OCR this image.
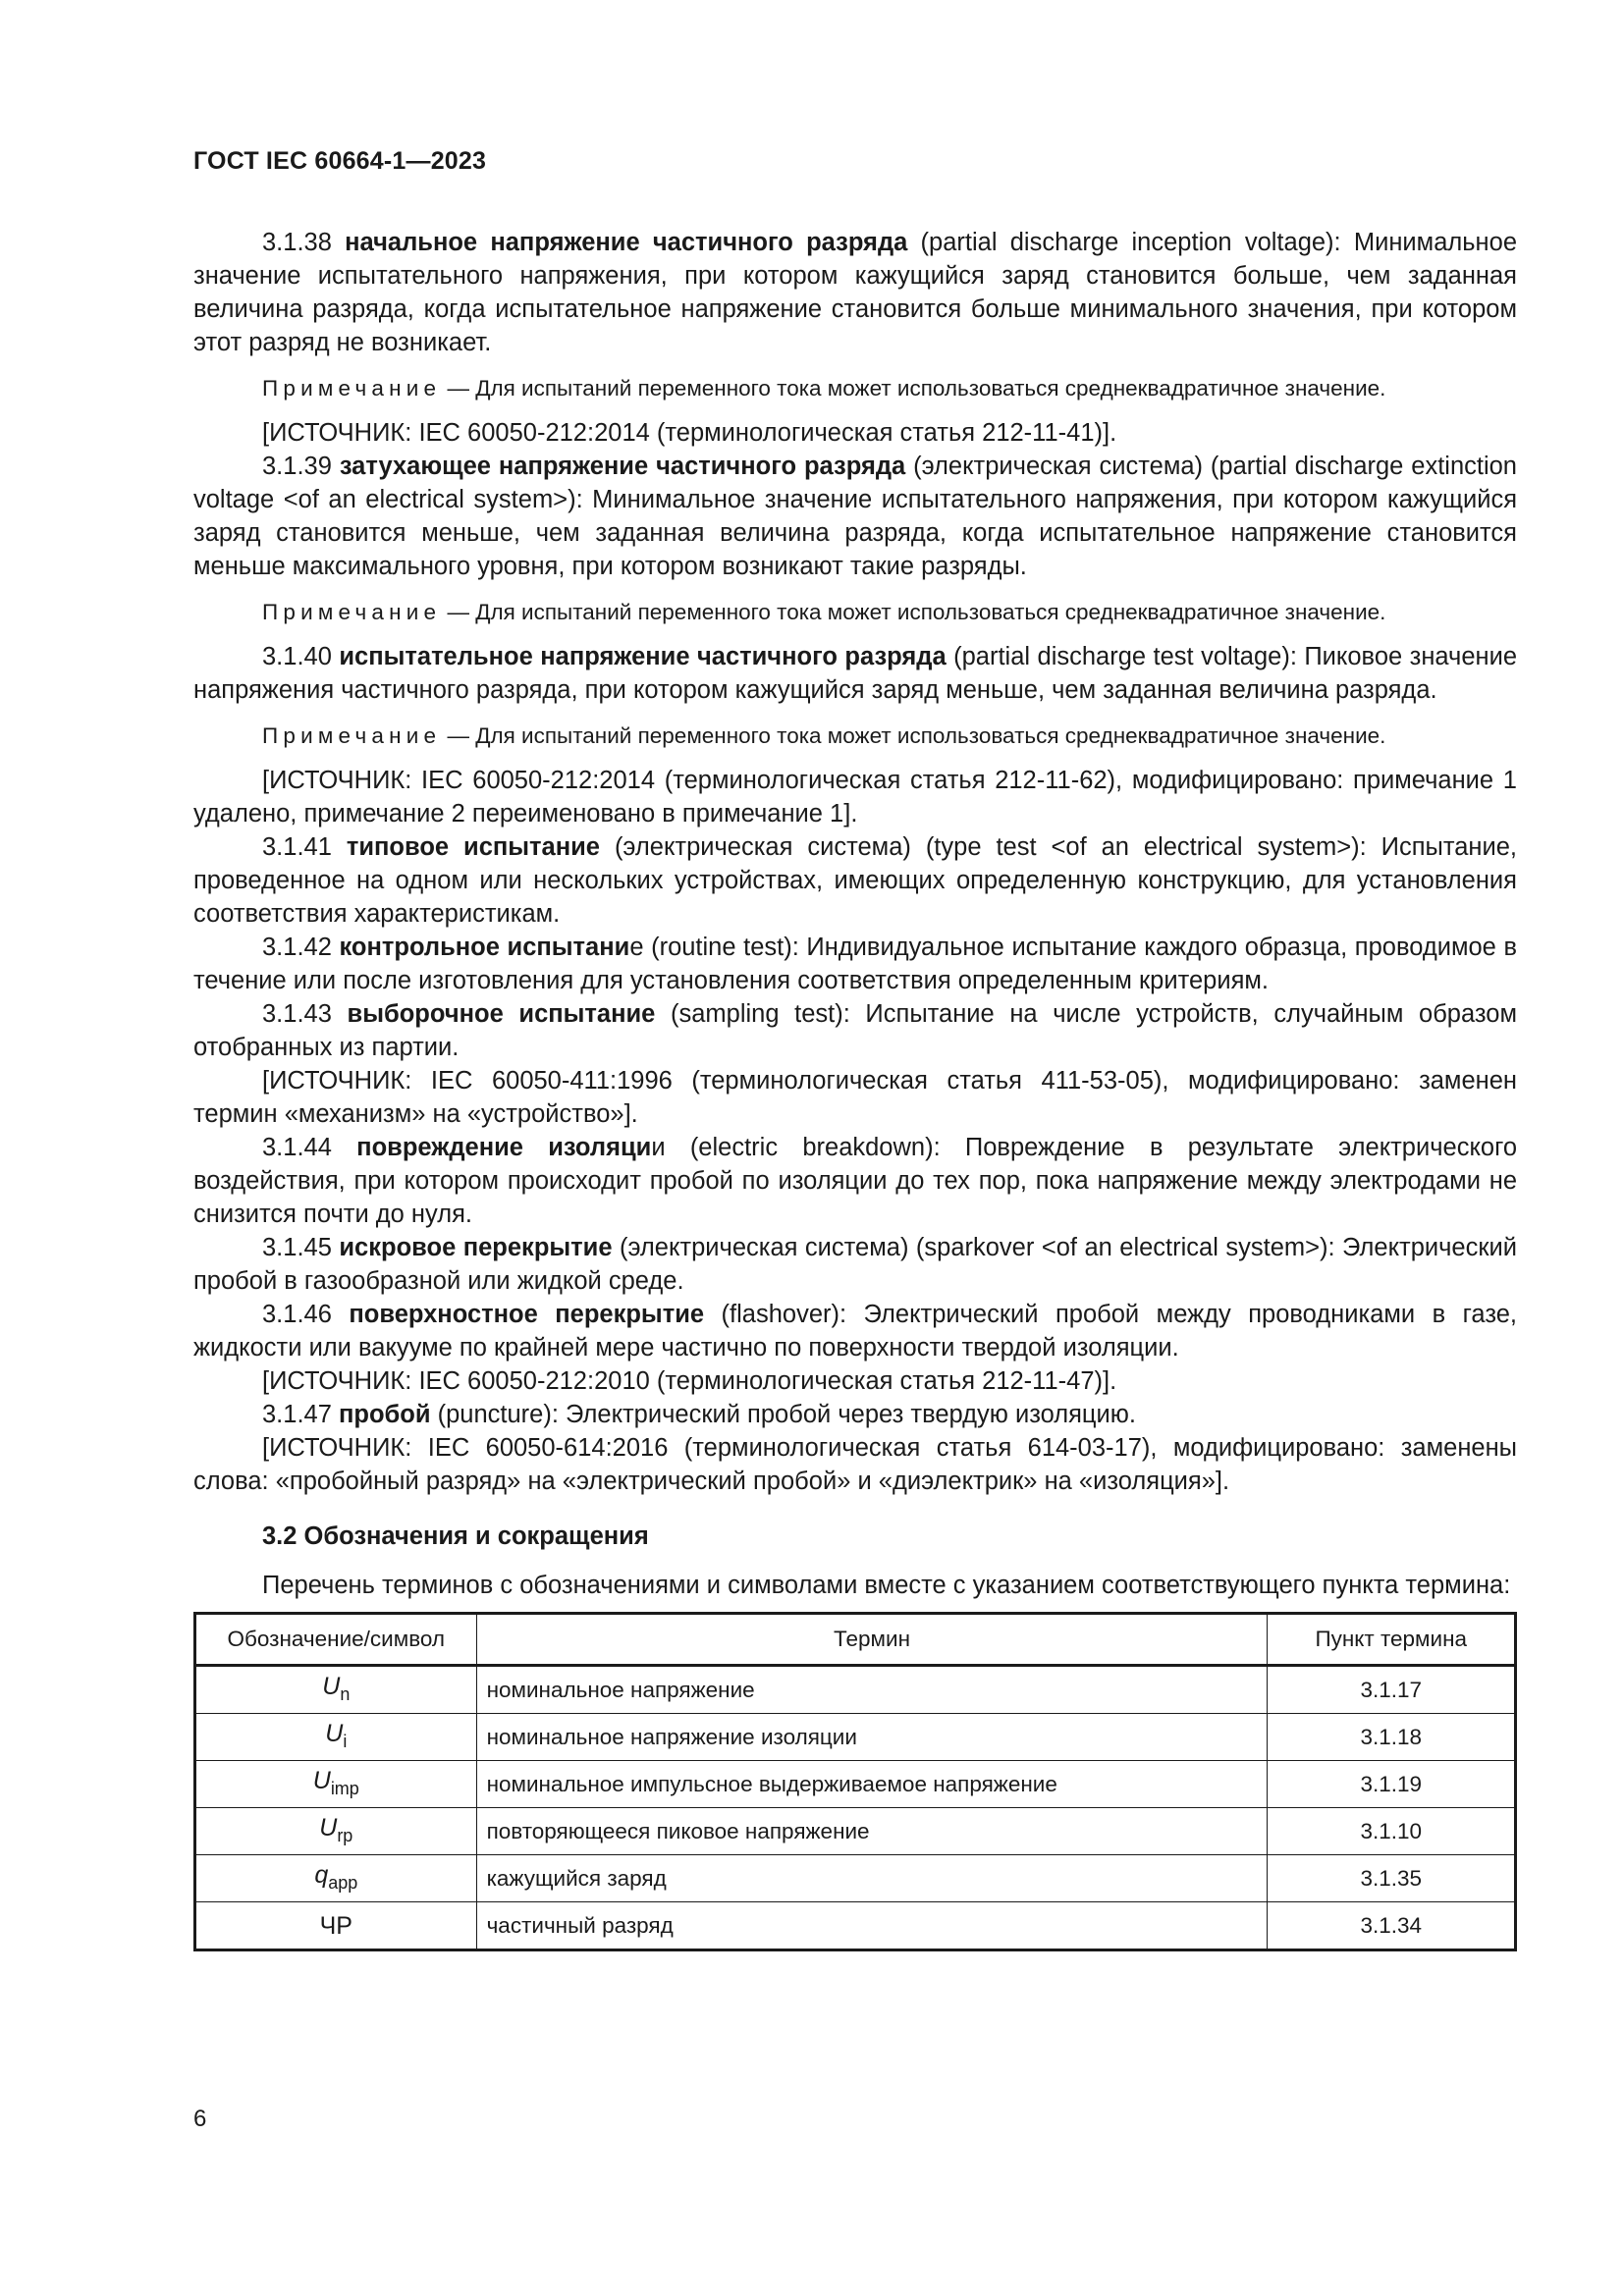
ГОСТ IEC 60664-1—2023

3.1.38 начальное напряжение частичного разряда (partial discharge inception voltage): Минимальное значение испытательного напряжения, при котором кажущийся заряд становится больше, чем заданная величина разряда, когда испытательное напряжение становится больше минимального значения, при котором этот разряд не возникает.

Примечание — Для испытаний переменного тока может использоваться среднеквадратичное значение.

[ИСТОЧНИК: IEC 60050-212:2014 (терминологическая статья 212-11-41)].

3.1.39 затухающее напряжение частичного разряда (электрическая система) (partial discharge extinction voltage <of an electrical system>): Минимальное значение испытательного напряжения, при котором кажущийся заряд становится меньше, чем заданная величина разряда, когда испытательное напряжение становится меньше максимального уровня, при котором возникают такие разряды.

Примечание — Для испытаний переменного тока может использоваться среднеквадратичное значение.

3.1.40 испытательное напряжение частичного разряда (partial discharge test voltage): Пиковое значение напряжения частичного разряда, при котором кажущийся заряд меньше, чем заданная величина разряда.

Примечание — Для испытаний переменного тока может использоваться среднеквадратичное значение.

[ИСТОЧНИК: IEC 60050-212:2014 (терминологическая статья 212-11-62), модифицировано: примечание 1 удалено, примечание 2 переименовано в примечание 1].

3.1.41 типовое испытание (электрическая система) (type test <of an electrical system>): Испытание, проведенное на одном или нескольких устройствах, имеющих определенную конструкцию, для установления соответствия характеристикам.

3.1.42 контрольное испытание (routine test): Индивидуальное испытание каждого образца, проводимое в течение или после изготовления для установления соответствия определенным критериям.

3.1.43 выборочное испытание (sampling test): Испытание на числе устройств, случайным образом отобранных из партии.

[ИСТОЧНИК: IEC 60050-411:1996 (терминологическая статья 411-53-05), модифицировано: заменен термин «механизм» на «устройство»].

3.1.44 повреждение изоляции (electric breakdown): Повреждение в результате электрического воздействия, при котором происходит пробой по изоляции до тех пор, пока напряжение между электродами не снизится почти до нуля.

3.1.45 искровое перекрытие (электрическая система) (sparkover <of an electrical system>): Электрический пробой в газообразной или жидкой среде.

3.1.46 поверхностное перекрытие (flashover): Электрический пробой между проводниками в газе, жидкости или вакууме по крайней мере частично по поверхности твердой изоляции.

[ИСТОЧНИК: IEC 60050-212:2010 (терминологическая статья 212-11-47)].

3.1.47 пробой (puncture): Электрический пробой через твердую изоляцию.

[ИСТОЧНИК: IEC 60050-614:2016 (терминологическая статья 614-03-17), модифицировано: заменены слова: «пробойный разряд» на «электрический пробой» и «диэлектрик» на «изоляция»].

3.2 Обозначения и сокращения

Перечень терминов с обозначениями и символами вместе с указанием соответствующего пункта термина:

Обозначение/символ	Термин	Пункт термина
$U_n$	номинальное напряжение	3.1.17
$U_i$	номинальное напряжение изоляции	3.1.18
$U_{imp}$	номинальное импульсное выдерживаемое напряжение	3.1.19
$U_{rp}$	повторяющееся пиковое напряжение	3.1.10
$q_{app}$	кажущийся заряд	3.1.35
ЧР	частичный разряд	3.1.34
6
